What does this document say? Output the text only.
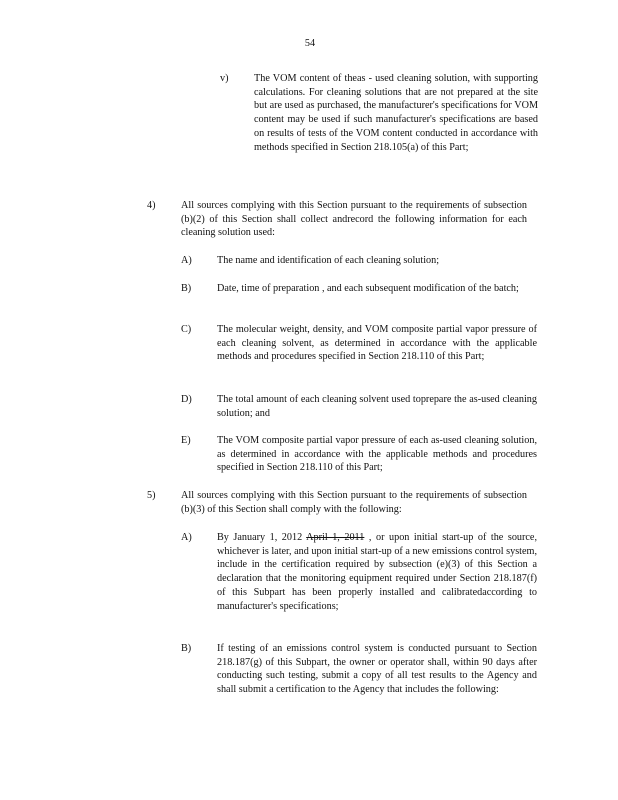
54
v)	The VOM content of theas - used cleaning solution, with supporting calculations. For cleaning solutions that are not prepared at the site but are used as purchased, the manufacturer's specifications for VOM content may be used if such manufacturer's specifications are based on results of tests of the VOM content conducted in accordance with methods specified in Section 218.105(a) of this Part;
4)	All sources complying with this Section pursuant to the requirements of subsection (b)(2) of this Section shall collect andrecord the following information for each cleaning solution used:
A)	The name and identification of each cleaning solution;
B)	Date, time of preparation , and each subsequent modification of the batch;
C)	The molecular weight, density, and VOM composite partial vapor pressure of each cleaning solvent, as determined in accordance with the applicable methods and procedures specified in Section 218.110 of this Part;
D)	The total amount of each cleaning solvent used toprepare the as-used cleaning solution; and
E)	The VOM composite partial vapor pressure of each as-used cleaning solution, as determined in accordance with the applicable methods and procedures specified in Section 218.110 of this Part;
5)	All sources complying with this Section pursuant to the requirements of subsection (b)(3) of this Section shall comply with the following:
A)	By January 1, 2012 April 1, 2011 , or upon initial start-up of the source, whichever is later, and upon initial start-up of a new emissions control system, include in the certification required by subsection (e)(3) of this Section a declaration that the monitoring equipment required under Section 218.187(f) of this Subpart has been properly installed and calibratedaccording to manufacturer's specifications;
B)	If testing of an emissions control system is conducted pursuant to Section 218.187(g) of this Subpart, the owner or operator shall, within 90 days after conducting such testing, submit a copy of all test results to the Agency and shall submit a certification to the Agency that includes the following:
